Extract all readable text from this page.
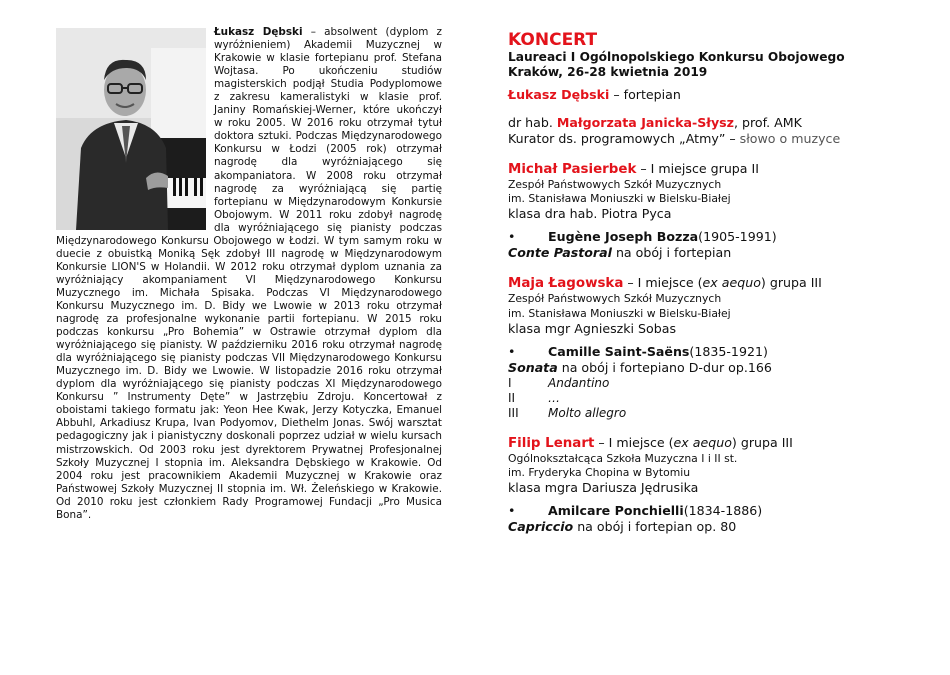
Łukasz Dębski – absolwent (dyplom z wyróżnieniem) Akademii Muzycznej w Krakowie w klasie fortepianu prof. Stefana Wojtasa. Po ukończeniu studiów magisterskich podjął Studia Podyplomowe z zakresu kameralistyki w klasie prof. Janiny Romańskiej-Werner, które ukończył w roku 2005. W 2016 roku otrzymał tytuł doktora sztuki. Podczas Międzynarodowego Konkursu w Łodzi (2005 rok) otrzymał nagrodę dla wyróżniającego się akompaniatora. W 2008 roku otrzymał nagrodę za wyróżniającą się partię fortepianu w Międzynarodowym Konkursie Obojowym. W 2011 roku zdobył nagrodę dla wyróżniającego się pianisty podczas Międzynarodowego Konkursu Obojowego w Łodzi. W tym samym roku w duecie z obuistką Moniką Sęk zdobył III nagrodę w Międzynarodowym Konkursie LION'S w Holandii. W 2012 roku otrzymał dyplom uznania za wyróżniający akompaniament VI Międzynarodowego Konkursu Muzycznego im. Michała Spisaka. Podczas VI Międzynarodowego Konkursu Muzycznego im. D. Bidy we Lwowie w 2013 roku otrzymał nagrodę za profesjonalne wykonanie partii fortepianu. W 2015 roku podczas konkursu „Pro Bohemia” w Ostrawie otrzymał dyplom dla wyróżniającego się pianisty. W październiku 2016 roku otrzymał nagrodę dla wyróżniającego się pianisty podczas VII Międzynarodowego Konkursu Muzycznego im. D. Bidy we Lwowie. W listopadzie 2016 roku otrzymał dyplom dla wyróżniającego się pianisty podczas XI Międzynarodowego Konkursu ” Instrumenty Dęte” w Jastrzębiu Zdroju. Koncertował z oboistami takiego formatu jak: Yeon Hee Kwak, Jerzy Kotyczka, Emanuel Abbuhl, Arkadiusz Krupa, Ivan Podyomov, Diethelm Jonas. Swój warsztat pedagogiczny jak i pianistyczny doskonali poprzez udział w wielu kursach mistrzowskich. Od 2003 roku jest dyrektorem Prywatnej Profesjonalnej Szkoły Muzycznej I stopnia im. Aleksandra Dębskiego w Krakowie. Od 2004 roku jest pracownikiem Akademii Muzycznej w Krakowie oraz Państwowej Szkoły Muzycznej II stopnia im. Wł. Żeleńskiego w Krakowie. Od 2010 roku jest członkiem Rady Programowej Fundacji „Pro Musica Bona”.
KONCERT
Laureaci I Ogólnopolskiego Konkursu Obojowego
Kraków, 26-28 kwietnia 2019
Łukasz Dębski – fortepian
dr hab. Małgorzata Janicka-Słysz, prof. AMK
Kurator ds. programowych „Atmy” – słowo o muzyce
Michał Pasierbek – I miejsce grupa II
Zespół Państwowych Szkół Muzycznych
im. Stanisława Moniuszki w Bielsku-Białej
klasa dra hab. Piotra Pyca
•	Eugène Joseph Bozza (1905-1991)
Conte Pastoral na obój i fortepian
Maja Łagowska – I miejsce (ex aequo) grupa III
Zespół Państwowych Szkół Muzycznych
im. Stanisława Moniuszki w Bielsku-Białej
klasa mgr Agnieszki Sobas
•	Camille Saint-Saëns (1835-1921)
Sonata na obój i fortepiano D-dur op.166
I	Andantino
II	…
III	Molto allegro
Filip Lenart – I miejsce (ex aequo) grupa III
Ogólnokształcąca Szkoła Muzyczna I i II st.
im. Fryderyka Chopina w Bytomiu
klasa mgra Dariusza Jędrusika
•	Amilcare Ponchielli (1834-1886)
Capriccio na obój i fortepian op. 80
